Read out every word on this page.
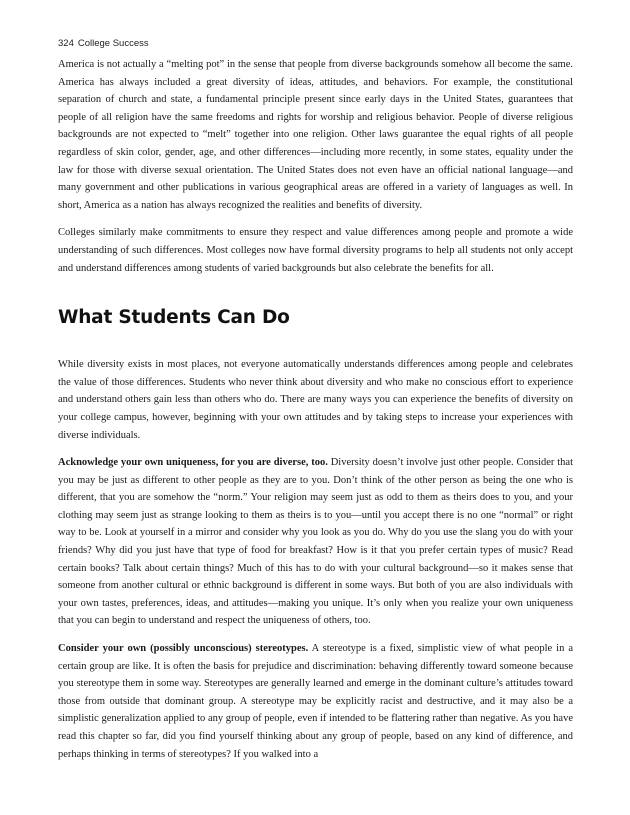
324 College Success

America is not actually a “melting pot” in the sense that people from diverse backgrounds somehow all become the same. America has always included a great diversity of ideas, attitudes, and behaviors. For example, the constitutional separation of church and state, a fundamental principle present since early days in the United States, guarantees that people of all religion have the same freedoms and rights for worship and religious behavior. People of diverse religious backgrounds are not expected to “melt” together into one religion. Other laws guarantee the equal rights of all people regardless of skin color, gender, age, and other differences—including more recently, in some states, equality under the law for those with diverse sexual orientation. The United States does not even have an official national language—and many government and other publications in various geographical areas are offered in a variety of languages as well. In short, America as a nation has always recognized the realities and benefits of diversity.

Colleges similarly make commitments to ensure they respect and value differences among people and promote a wide understanding of such differences. Most colleges now have formal diversity programs to help all students not only accept and understand differences among students of varied backgrounds but also celebrate the benefits for all.

What Students Can Do

While diversity exists in most places, not everyone automatically understands differences among people and celebrates the value of those differences. Students who never think about diversity and who make no conscious effort to experience and understand others gain less than others who do. There are many ways you can experience the benefits of diversity on your college campus, however, beginning with your own attitudes and by taking steps to increase your experiences with diverse individuals.

Acknowledge your own uniqueness, for you are diverse, too. Diversity doesn’t involve just other people. Consider that you may be just as different to other people as they are to you. Don’t think of the other person as being the one who is different, that you are somehow the “norm.” Your religion may seem just as odd to them as theirs does to you, and your clothing may seem just as strange looking to them as theirs is to you—until you accept there is no one “normal” or right way to be. Look at yourself in a mirror and consider why you look as you do. Why do you use the slang you do with your friends? Why did you just have that type of food for breakfast? How is it that you prefer certain types of music? Read certain books? Talk about certain things? Much of this has to do with your cultural background—so it makes sense that someone from another cultural or ethnic background is different in some ways. But both of you are also individuals with your own tastes, preferences, ideas, and attitudes—making you unique. It’s only when you realize your own uniqueness that you can begin to understand and respect the uniqueness of others, too.

Consider your own (possibly unconscious) stereotypes. A stereotype is a fixed, simplistic view of what people in a certain group are like. It is often the basis for prejudice and discrimination: behaving differently toward someone because you stereotype them in some way. Stereotypes are generally learned and emerge in the dominant culture’s attitudes toward those from outside that dominant group. A stereotype may be explicitly racist and destructive, and it may also be a simplistic generalization applied to any group of people, even if intended to be flattering rather than negative. As you have read this chapter so far, did you find yourself thinking about any group of people, based on any kind of difference, and perhaps thinking in terms of stereotypes? If you walked into a
